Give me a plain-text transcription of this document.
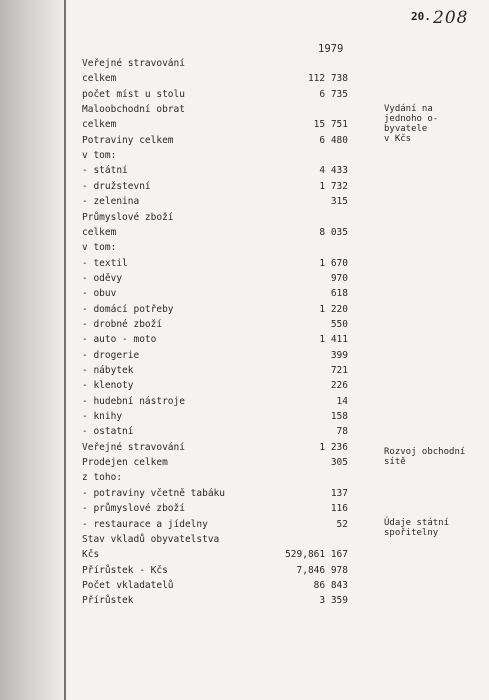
20. 208
1979
Veřejné stravování
celkem	112 738
počet míst u stolu	6 735
Maloobchodní obrat
celkem	15 751
Potraviny celkem	6 480
v tom:
- státní	4 433
- družstevní	1 732
- zelenina	315
Průmyslové zboží
celkem	8 035
v tom:
- textil	1 670
- oděvy	970
- obuv	618
- domácí potřeby	1 220
- drobné zboží	550
- auto - moto	1 411
- drogerie	399
- nábytek	721
- klenoty	226
- hudební nástroje	14
- knihy	158
- ostatní	78
Veřejné stravování	1 236
Prodejen celkem	305
z toho:
- potraviny včetně tabáku	137
- průmyslové zboží	116
- restaurace a jídelny	52
Stav vkladů obyvatelstva
Kčs	529,861 167
Přírůstek - Kčs	7,846 978
Počet vkladatelů	86 843
Přírůstek	3 359
Vydání na
jednoho o-
byvatele
v Kčs
Rozvoj obchodní
sítě
Údaje státní
spořitelny
